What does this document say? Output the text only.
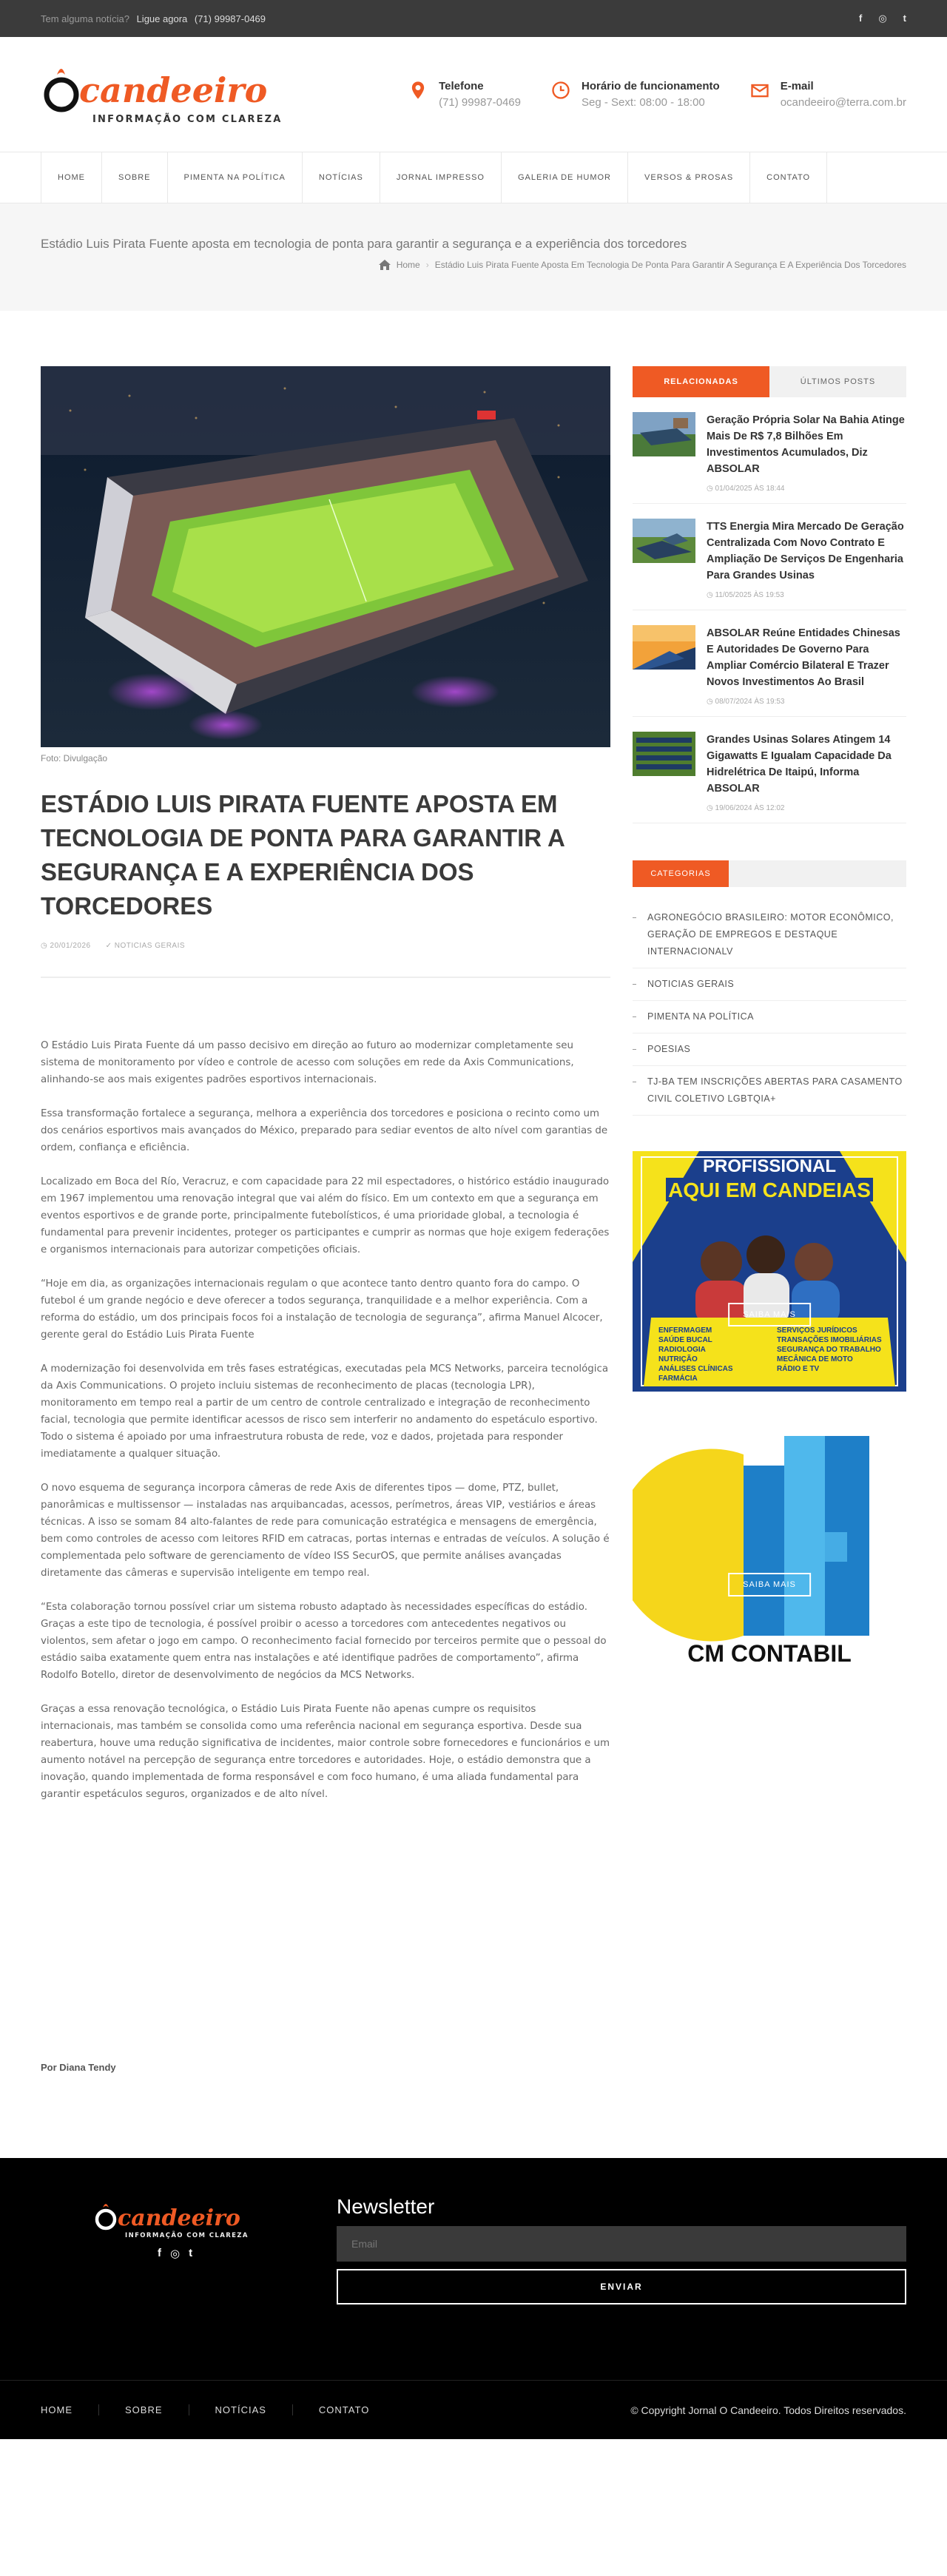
Tem alguma notícia? Ligue agora (71) 99987-0469	f ◎ t
candeeiro
INFORMAÇÃO COM CLAREZA
Telefone
(71) 99987-0469
Horário de funcionamento
Seg - Sext: 08:00 - 18:00
E-mail
ocandeeiro@terra.com.br
HOME	SOBRE	PIMENTA NA POLÍTICA	NOTÍCIAS	JORNAL IMPRESSO	GALERIA DE HUMOR	VERSOS & PROSAS	CONTATO
Estádio Luis Pirata Fuente aposta em tecnologia de ponta para garantir a segurança e a experiência dos torcedores
Home › Estádio Luis Pirata Fuente Aposta Em Tecnologia De Ponta Para Garantir A Segurança E A Experiência Dos Torcedores
Foto: Divulgação
ESTÁDIO LUIS PIRATA FUENTE APOSTA EM TECNOLOGIA DE PONTA PARA GARANTIR A SEGURANÇA E A EXPERIÊNCIA DOS TORCEDORES
◷ 20/01/2026 ✓ NOTICIAS GERAIS

O Estádio Luis Pirata Fuente dá um passo decisivo em direção ao futuro ao modernizar completamente seu sistema de monitoramento por vídeo e controle de acesso com soluções em rede da Axis Communications, alinhando-se aos mais exigentes padrões esportivos internacionais.

Essa transformação fortalece a segurança, melhora a experiência dos torcedores e posiciona o recinto como um dos cenários esportivos mais avançados do México, preparado para sediar eventos de alto nível com garantias de ordem, confiança e eficiência.

Localizado em Boca del Río, Veracruz, e com capacidade para 22 mil espectadores, o histórico estádio inaugurado em 1967 implementou uma renovação integral que vai além do físico. Em um contexto em que a segurança em eventos esportivos e de grande porte, principalmente futebolísticos, é uma prioridade global, a tecnologia é fundamental para prevenir incidentes, proteger os participantes e cumprir as normas que hoje exigem federações e organismos internacionais para autorizar competições oficiais.

“Hoje em dia, as organizações internacionais regulam o que acontece tanto dentro quanto fora do campo. O futebol é um grande negócio e deve oferecer a todos segurança, tranquilidade e a melhor experiência. Com a reforma do estádio, um dos principais focos foi a instalação de tecnologia de segurança”, afirma Manuel Alcocer, gerente geral do Estádio Luis Pirata Fuente

A modernização foi desenvolvida em três fases estratégicas, executadas pela MCS Networks, parceira tecnológica da Axis Communications. O projeto incluiu sistemas de reconhecimento de placas (tecnologia LPR), monitoramento em tempo real a partir de um centro de controle centralizado e integração de reconhecimento facial, tecnologia que permite identificar acessos de risco sem interferir no andamento do espetáculo esportivo. Todo o sistema é apoiado por uma infraestrutura robusta de rede, voz e dados, projetada para responder imediatamente a qualquer situação.

O novo esquema de segurança incorpora câmeras de rede Axis de diferentes tipos — dome, PTZ, bullet, panorâmicas e multissensor — instaladas nas arquibancadas, acessos, perímetros, áreas VIP, vestiários e áreas técnicas. A isso se somam 84 alto-falantes de rede para comunicação estratégica e mensagens de emergência, bem como controles de acesso com leitores RFID em catracas, portas internas e entradas de veículos. A solução é complementada pelo software de gerenciamento de vídeo ISS SecurOS, que permite análises avançadas diretamente das câmeras e supervisão inteligente em tempo real.

“Esta colaboração tornou possível criar um sistema robusto adaptado às necessidades específicas do estádio. Graças a este tipo de tecnologia, é possível proibir o acesso a torcedores com antecedentes negativos ou violentos, sem afetar o jogo em campo. O reconhecimento facial fornecido por terceiros permite que o pessoal do estádio saiba exatamente quem entra nas instalações e até identifique padrões de comportamento”, afirma Rodolfo Botello, diretor de desenvolvimento de negócios da MCS Networks.

Graças a essa renovação tecnológica, o Estádio Luis Pirata Fuente não apenas cumpre os requisitos internacionais, mas também se consolida como uma referência nacional em segurança esportiva. Desde sua reabertura, houve uma redução significativa de incidentes, maior controle sobre fornecedores e funcionários e um aumento notável na percepção de segurança entre torcedores e autoridades. Hoje, o estádio demonstra que a inovação, quando implementada de forma responsável e com foco humano, é uma aliada fundamental para garantir espetáculos seguros, organizados e de alto nível.

Por Diana Tendy
RELACIONADAS	ÚLTIMOS POSTS
Geração Própria Solar Na Bahia Atinge Mais De R$ 7,8 Bilhões Em Investimentos Acumulados, Diz ABSOLAR
◷ 01/04/2025 ÀS 18:44
TTS Energia Mira Mercado De Geração Centralizada Com Novo Contrato E Ampliação De Serviços De Engenharia Para Grandes Usinas
◷ 11/05/2025 ÀS 19:53
ABSOLAR Reúne Entidades Chinesas E Autoridades De Governo Para Ampliar Comércio Bilateral E Trazer Novos Investimentos Ao Brasil
◷ 08/07/2024 ÀS 19:53
Grandes Usinas Solares Atingem 14 Gigawatts E Igualam Capacidade Da Hidrelétrica De Itaipú, Informa ABSOLAR
◷ 19/06/2024 ÀS 12:02
CATEGORIAS
AGRONEGÓCIO BRASILEIRO: MOTOR ECONÔMICO, GERAÇÃO DE EMPREGOS E DESTAQUE INTERNACIONALV
NOTICIAS GERAIS
PIMENTA NA POLÍTICA
POESIAS
TJ-BA TEM INSCRIÇÕES ABERTAS PARA CASAMENTO CIVIL COLETIVO LGBTQIA+
PROFISSIONAL
AQUI EM CANDEIAS
ENFERMAGEM
SAÚDE BUCAL
RADIOLOGIA
NUTRIÇÃO
ANÁLISES CLÍNICAS
FARMÁCIA
SERVIÇOS JURÍDICOS
TRANSAÇÕES IMOBILIÁRIAS
SEGURANÇA DO TRABALHO
MECÂNICA DE MOTO
RÁDIO E TV
SAIBA MAIS
CM CONTABIL
SAIBA MAIS
candeeiro
INFORMAÇÃO COM CLAREZA
f ◎ t
Newsletter
Email
ENVIAR
HOME	SOBRE	NOTÍCIAS	CONTATO	© Copyright Jornal O Candeeiro. Todos Direitos reservados.
